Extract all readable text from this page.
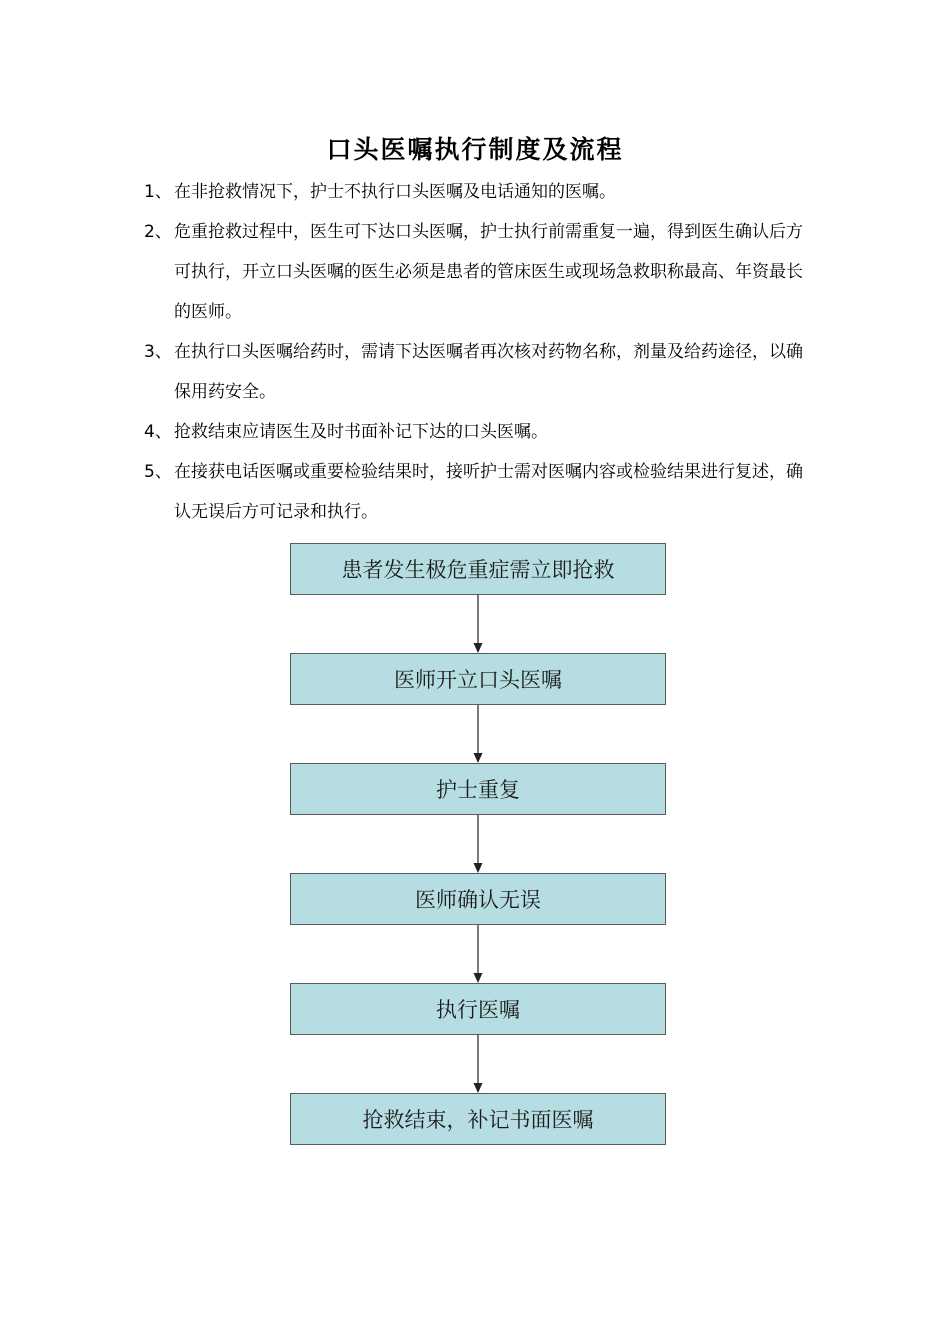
口头医嘱执行制度及流程
1、 在非抢救情况下，护士不执行口头医嘱及电话通知的医嘱。
2、 危重抢救过程中，医生可下达口头医嘱，护士执行前需重复一遍，得到医生确认后方可执行，开立口头医嘱的医生必须是患者的管床医生或现场急救职称最高、年资最长的医师。
3、 在执行口头医嘱给药时，需请下达医嘱者再次核对药物名称，剂量及给药途径，以确保用药安全。
4、 抢救结束应请医生及时书面补记下达的口头医嘱。
5、 在接获电话医嘱或重要检验结果时，接听护士需对医嘱内容或检验结果进行复述，确认无误后方可记录和执行。
患者发生极危重症需立即抢救
医师开立口头医嘱
护士重复
医师确认无误
执行医嘱
抢救结束，补记书面医嘱
